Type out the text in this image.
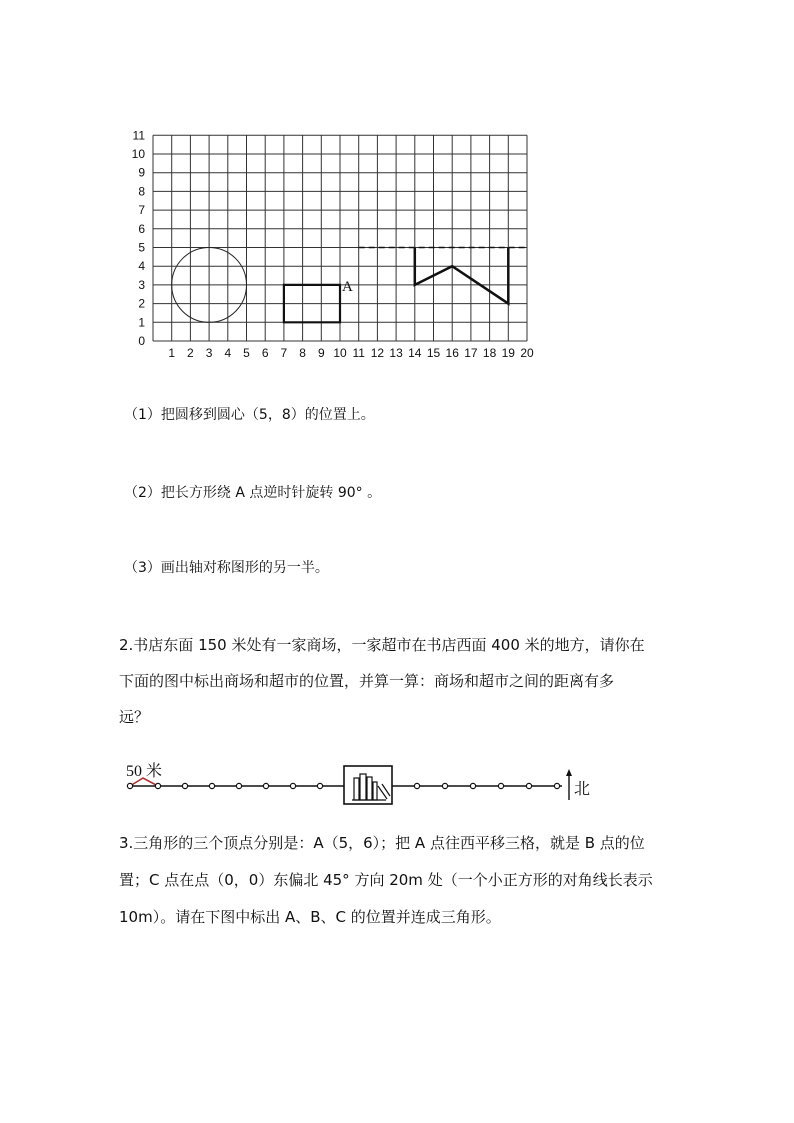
0
1
2
3
4
5
6
7
8
9
10
11
1 2 3 4 5 6 7 8 9 10 11 12 13 14 15 16 17 18 19 20
A
（1）把圆移到圆心（5，8）的位置上。
（2）把长方形绕 A 点逆时针旋转 90° 。
（3）画出轴对称图形的另一半。
2.书店东面 150 米处有一家商场，一家超市在书店西面 400 米的地方，请你在
下面的图中标出商场和超市的位置，并算一算：商场和超市之间的距离有多
远？
50 米
北
3.三角形的三个顶点分别是：A（5，6）；把 A 点往西平移三格，就是 B 点的位
置；C 点在点（0，0）东偏北 45° 方向 20m 处（一个小正方形的对角线长表示
10m）。请在下图中标出 A、B、C 的位置并连成三角形。
